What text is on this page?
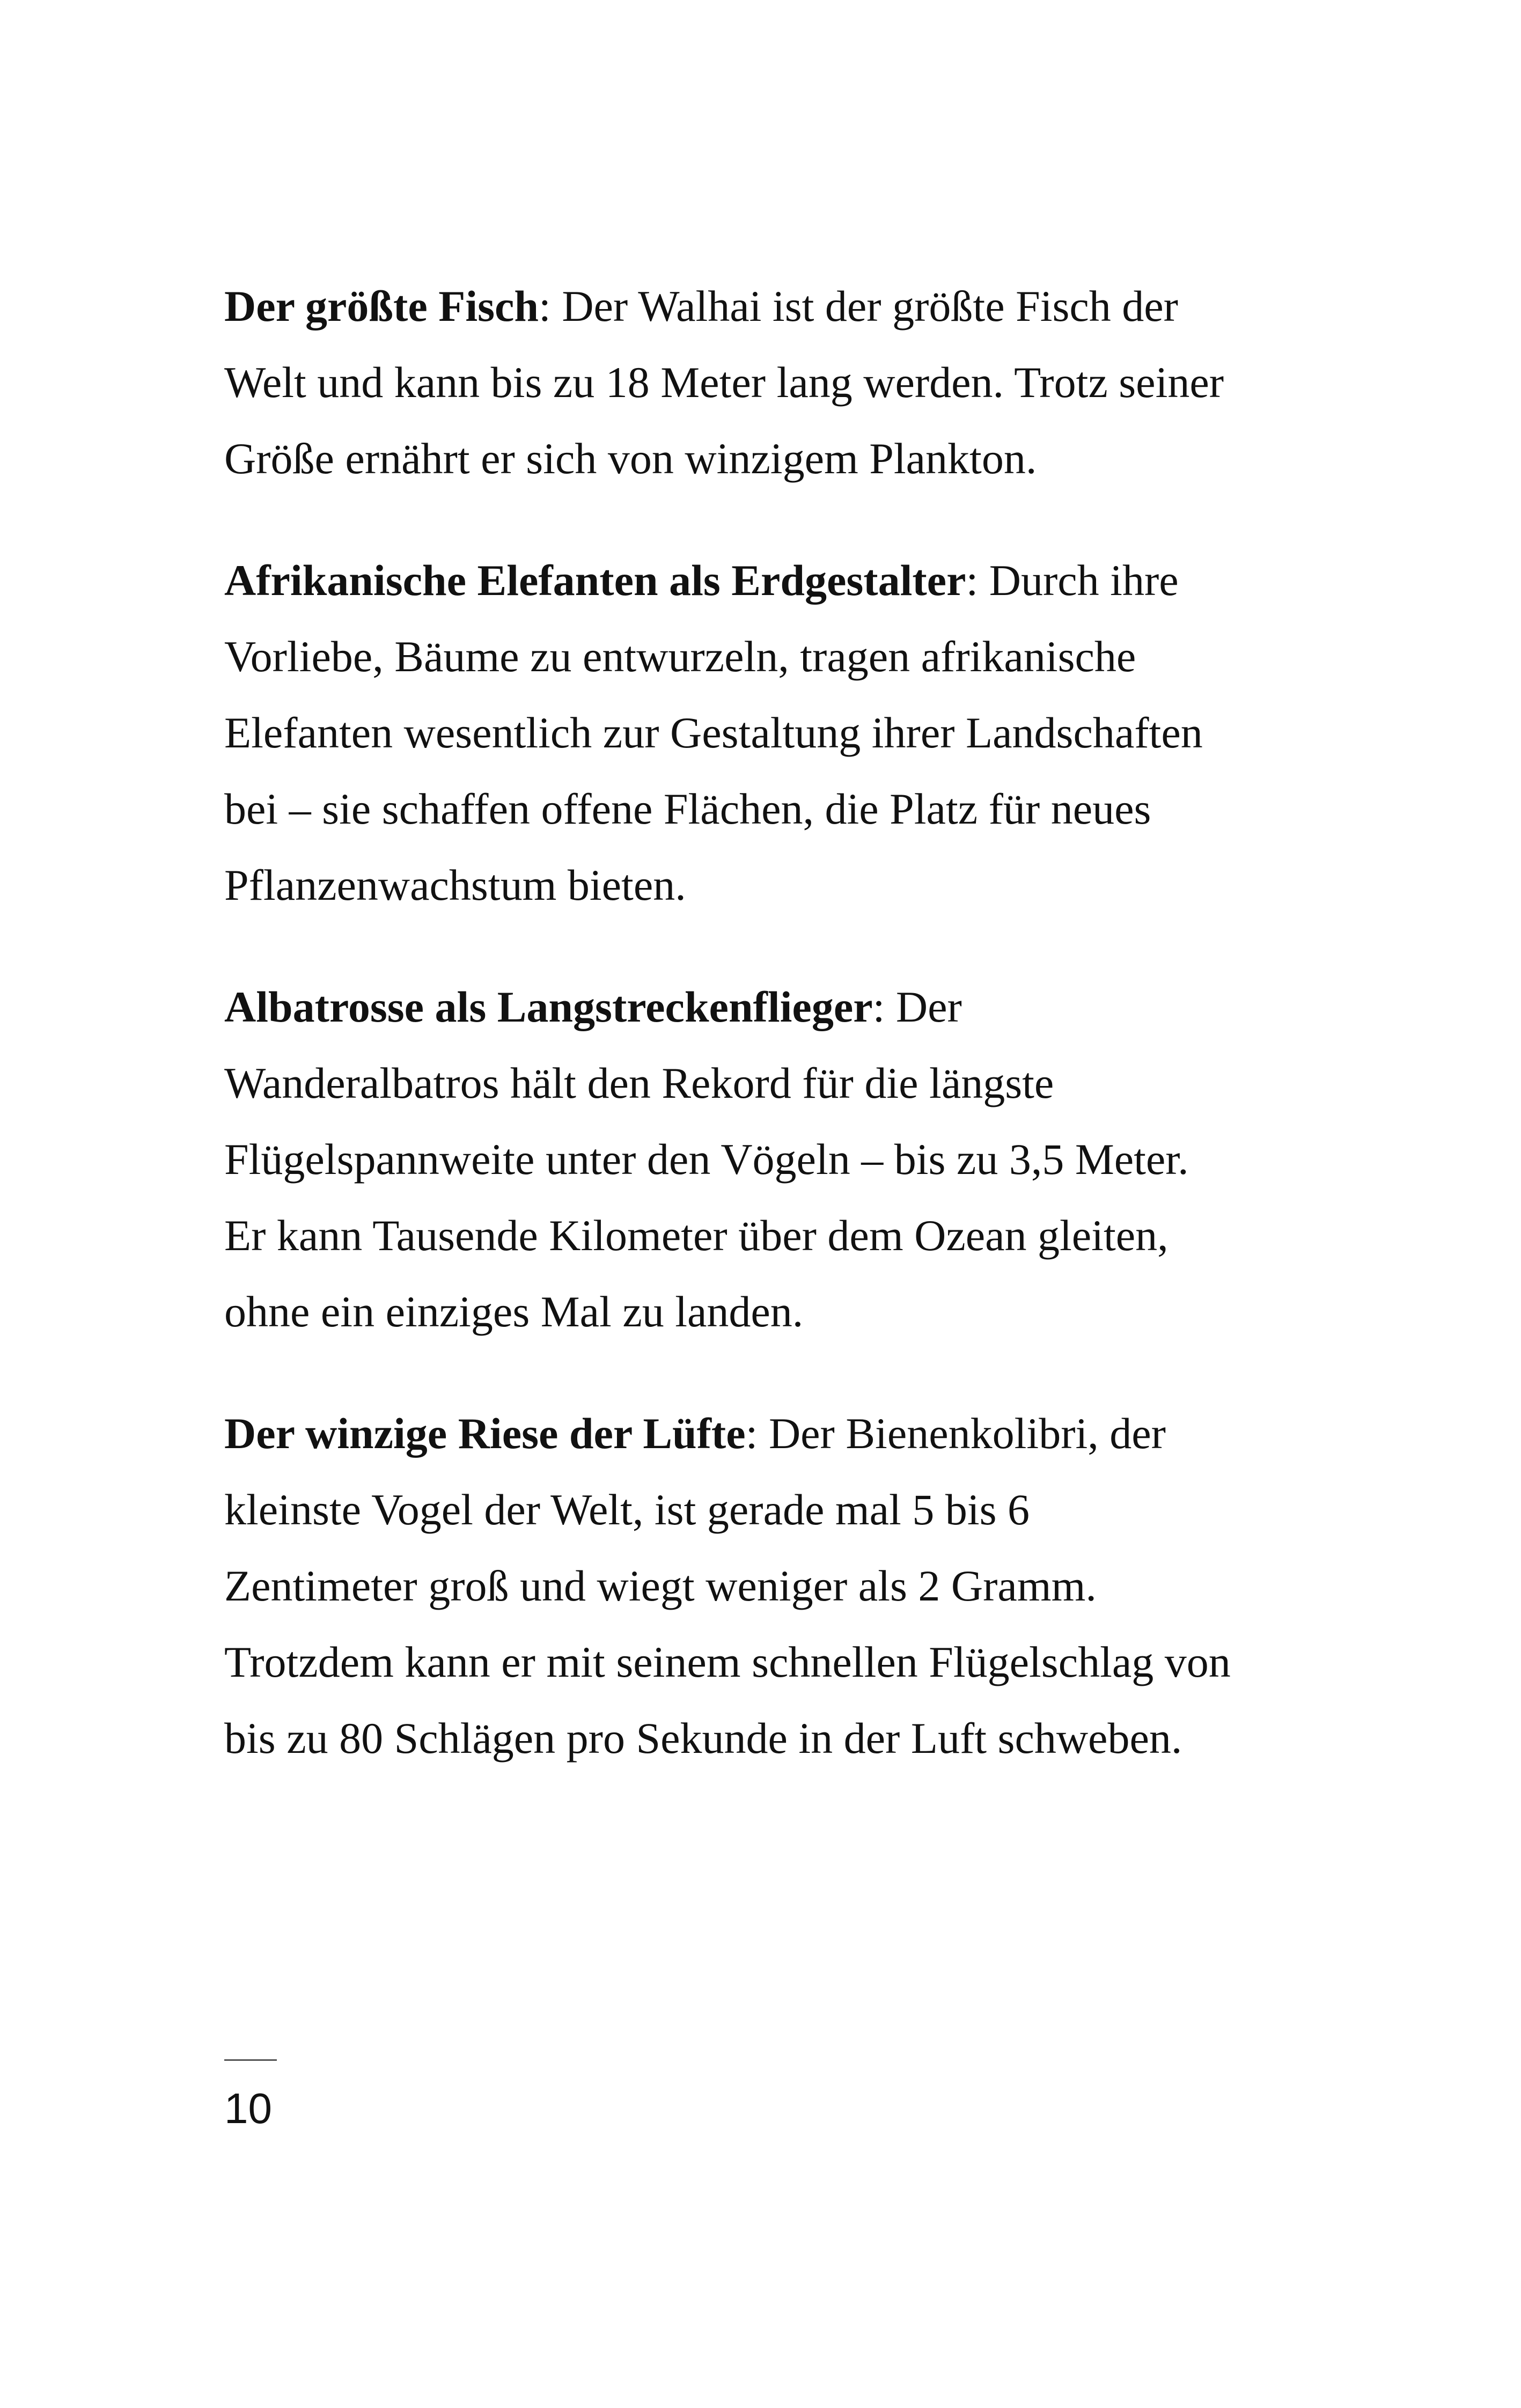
Der größte Fisch: Der Walhai ist der größte Fisch der Welt und kann bis zu 18 Meter lang werden. Trotz seiner Größe ernährt er sich von winzigem Plankton.

Afrikanische Elefanten als Erdgestalter: Durch ihre Vorliebe, Bäume zu entwurzeln, tragen afrikanische Elefanten wesentlich zur Gestaltung ihrer Landschaften bei – sie schaffen offene Flächen, die Platz für neues Pflanzenwachstum bieten.

Albatrosse als Langstreckenflieger: Der Wanderalbatros hält den Rekord für die längste Flügelspannweite unter den Vögeln – bis zu 3,5 Meter. Er kann Tausende Kilometer über dem Ozean gleiten, ohne ein einziges Mal zu landen.

Der winzige Riese der Lüfte: Der Bienenkolibri, der kleinste Vogel der Welt, ist gerade mal 5 bis 6 Zentimeter groß und wiegt weniger als 2 Gramm. Trotzdem kann er mit seinem schnellen Flügelschlag von bis zu 80 Schlägen pro Sekunde in der Luft schweben.

10
